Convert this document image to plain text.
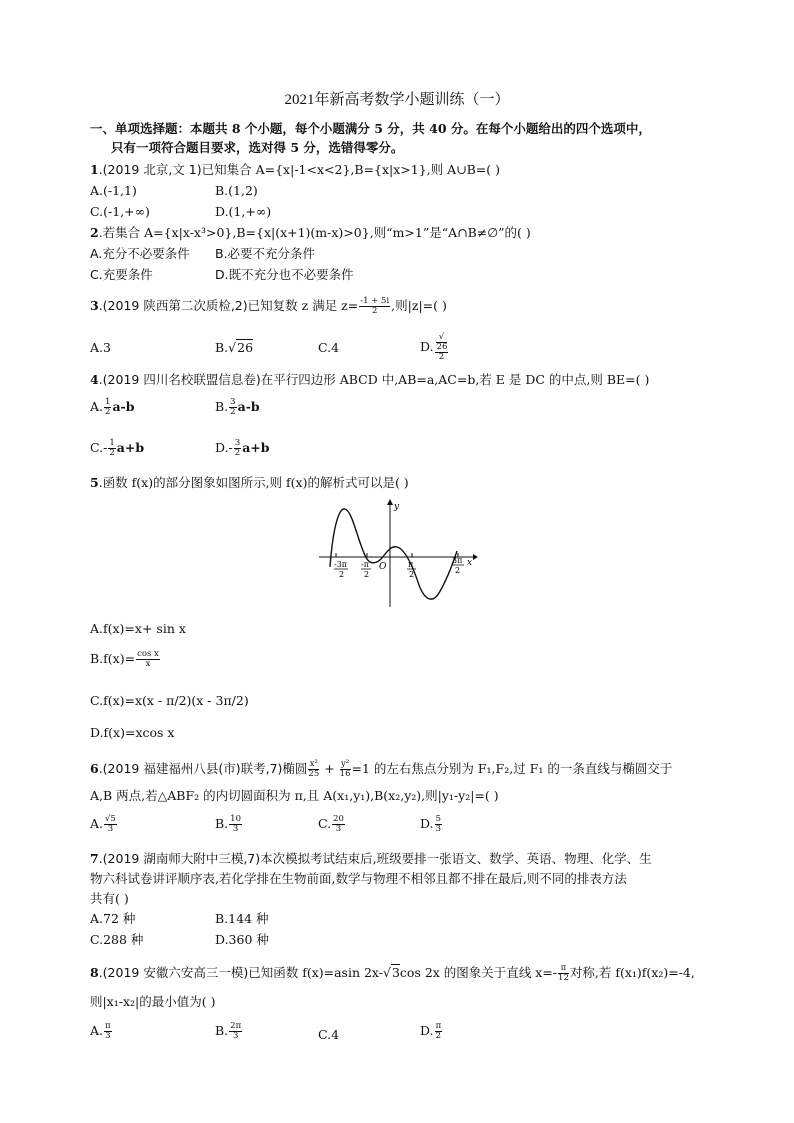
2021年新高考数学小题训练（一）
一、单项选择题：本题共 8 个小题，每个小题满分 5 分，共 40 分。在每个小题给出的四个选项中，
只有一项符合题目要求，选对得 5 分，选错得零分。
1.(2019 北京,文 1)已知集合 A={x|-1<x<2},B={x|x>1},则 A∪B=( )
A.(-1,1)	B.(1,2)
C.(-1,+∞)	D.(1,+∞)
2.若集合 A={x|x-x³>0},B={x|(x+1)(m-x)>0},则“m>1”是“A∩B≠∅”的( )
A.充分不必要条件 B.必要不充分条件
C.充要条件	D.既不充分也不必要条件
3.(2019 陕西第二次质检,2)已知复数 z 满足 $z= \frac{-1 + 5i}{2}$ ,则|z|=( )
A.3	B.√26	C.4	D. √
26
2
4.(2019 四川名校联盟信息卷)在平行四边形 ABCD 中,AB=a,AC=b,若 E 是 DC 的中点,则 BE=( )
A. $\frac{1}{2} a-b$	B. $\frac{3}{2} a-b$
$C.- \frac{1}{2} a+b$	$D.- \frac{3}{2} a+b$
5.函数 f(x)的部分图象如图所示,则 f(x)的解析式可以是( )
-3π
2
-π
2
O	π
2
3π
2
x
y
A.f(x)=x+ sin x
$B.f(x)= \frac{\text{cos x}}{x}$
C.f(x)=x(x - π/2)(x - 3π/2)
D.f(x)=xcos x
6.(2019 福建福州八县(市)联考,7)椭圆 $\frac{\text{x²}}{25} + \frac{\text{y²}}{16} =1$ 的左右焦点分别为 F₁,F₂,过 F₁ 的一条直线与椭圆交于
A,B 两点,若△ABF₂ 的内切圆面积为 π,且 A(x₁,y₁),B(x₂,y₂),则|y₁-y₂|=( )
A. $\frac{√5}{3}$	B. $\frac{10}{3}$	C. $\frac{20}{3}$	D. $\frac{5}{3}$
7.(2019 湖南师大附中三模,7)本次模拟考试结束后,班级要排一张语文、数学、英语、物理、化学、生
物六科试卷讲评顺序表,若化学排在生物前面,数学与物理不相邻且都不排在最后,则不同的排表方法
共有( )
A.72 种	B.144 种
C.288 种	D.360 种
8.(2019 安徽六安高三一模)已知函数 f(x)=asin 2x-√3cos 2x 的图象关于直线 $x=- \frac{\pi}{12}$ 对称,若 f(x₁)f(x₂)=-4,
则|x₁-x₂|的最小值为( )
A. $\frac{\pi}{3}$	B. $\frac{2\pi}{3}$	C.4	D. $\frac{\pi}{2}$
